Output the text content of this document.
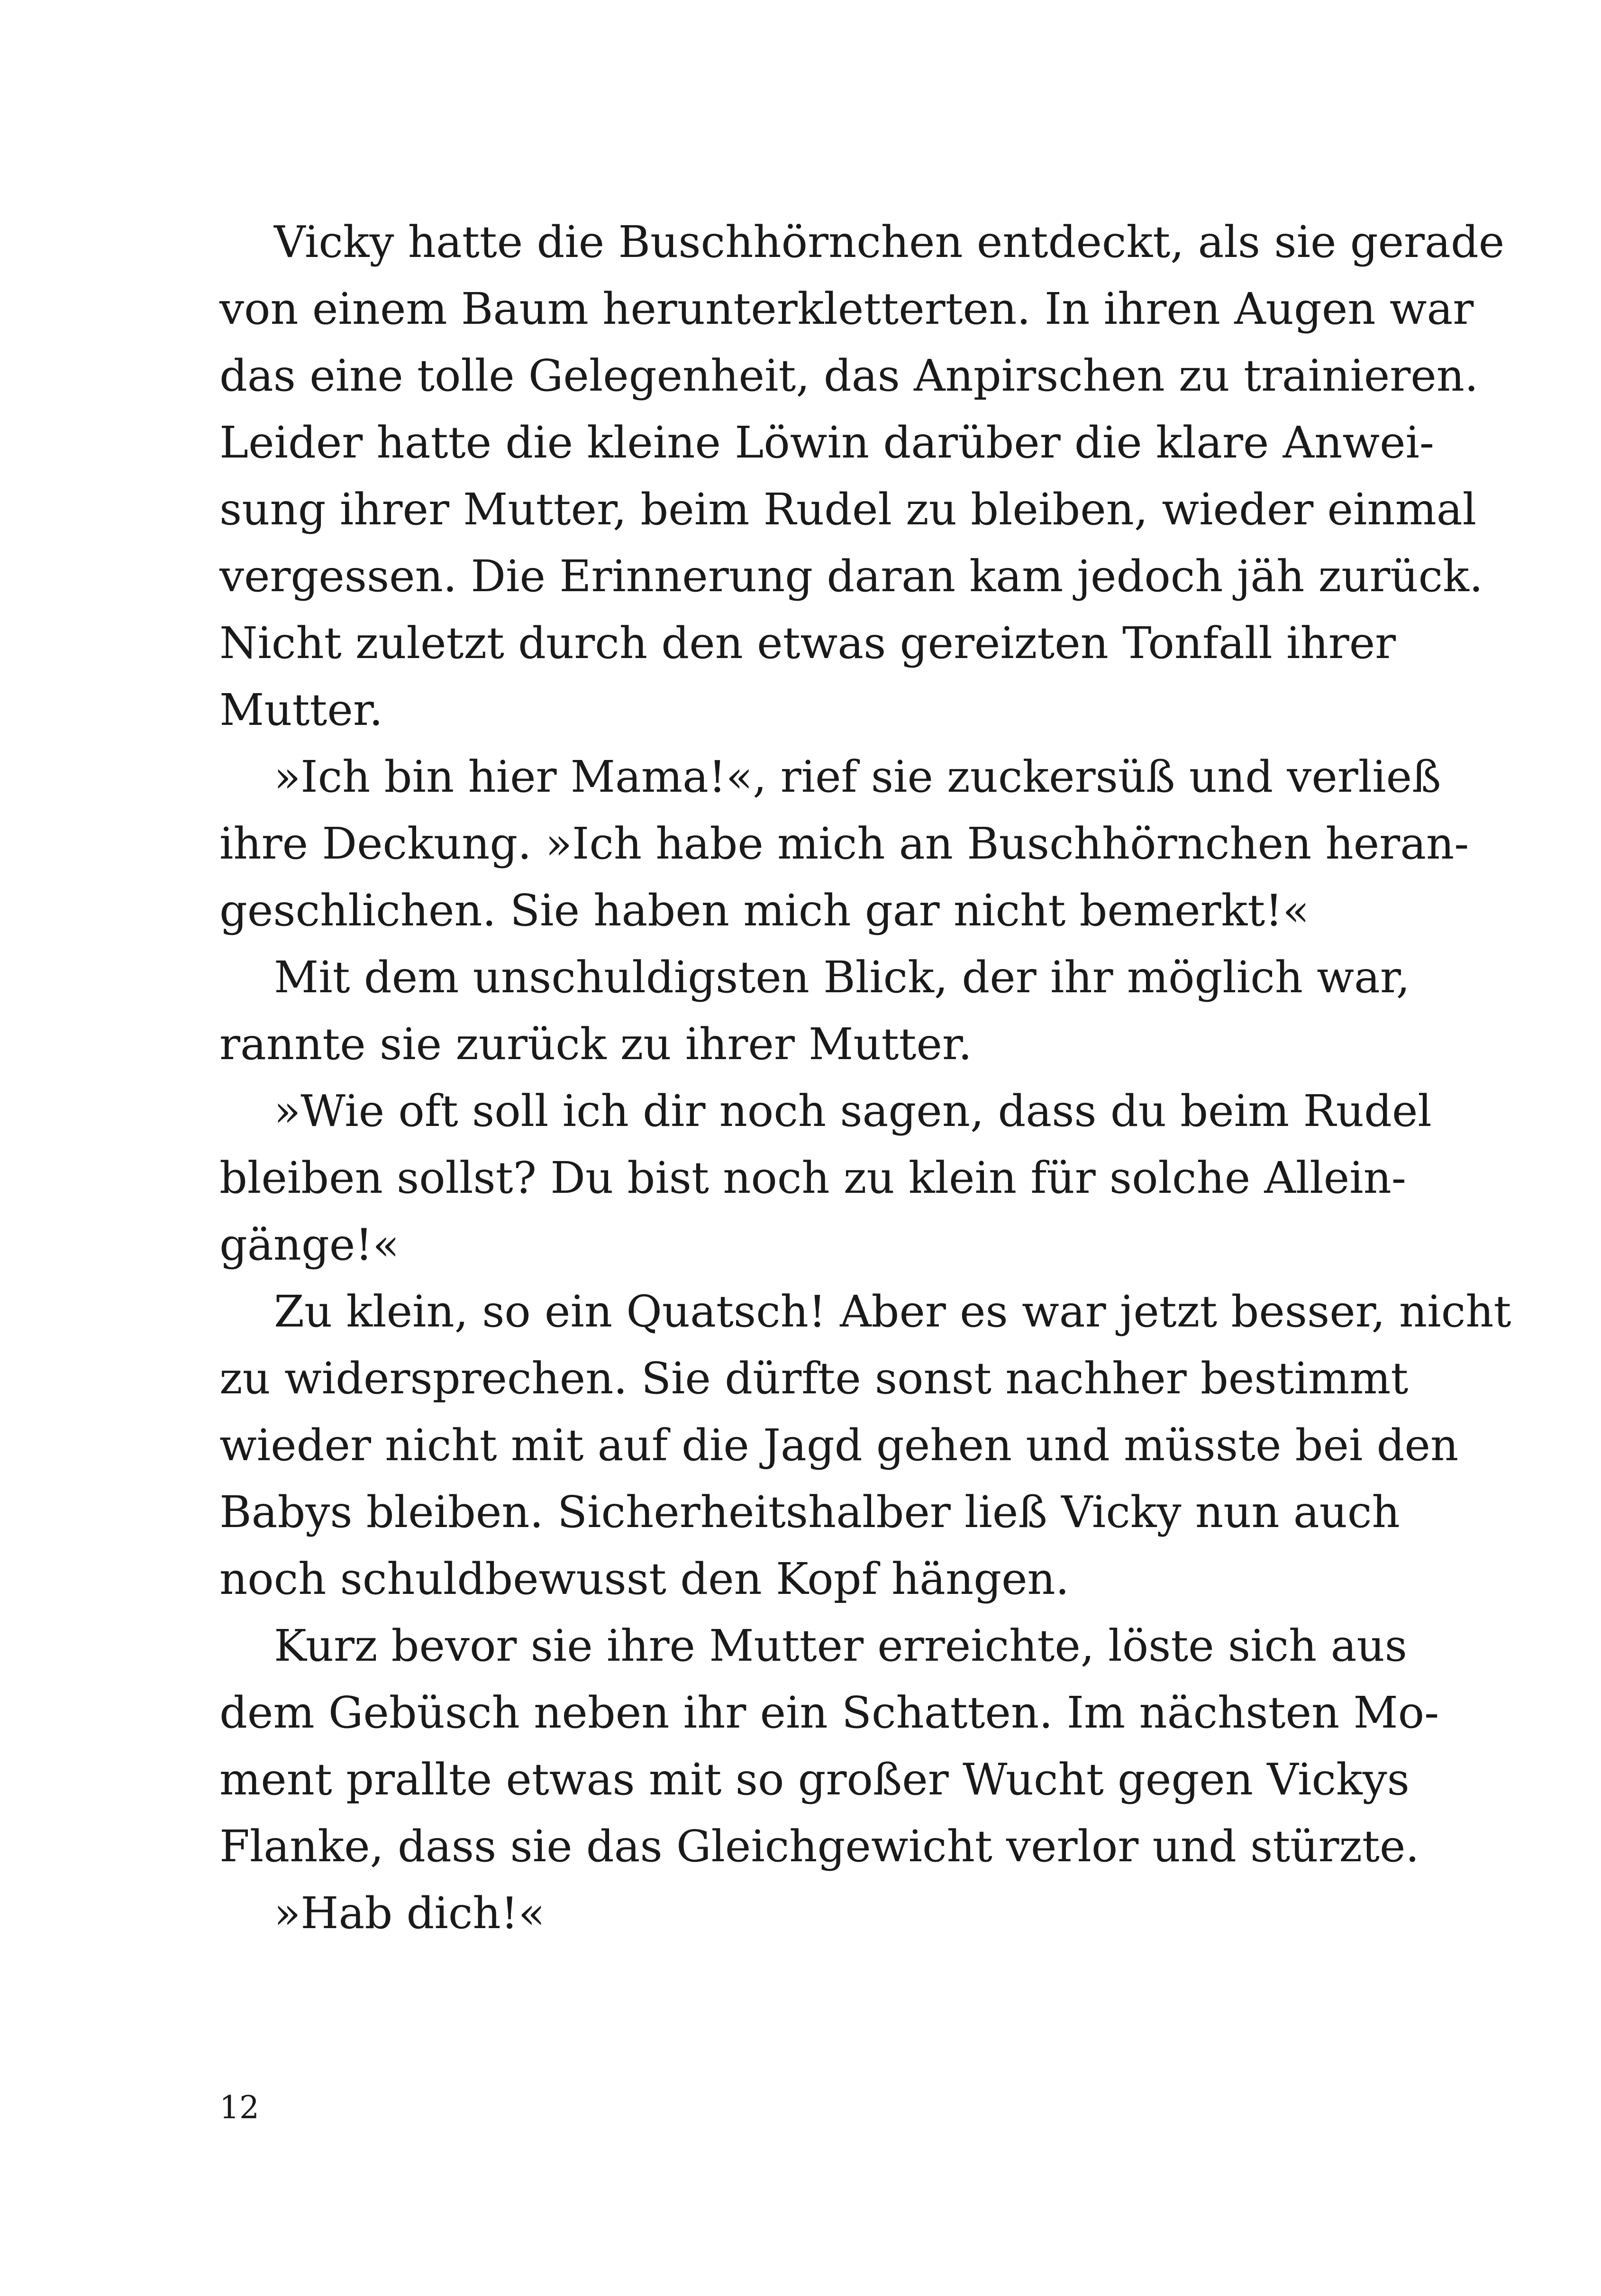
Vicky hatte die Buschhörnchen entdeckt, als sie gerade
von einem Baum herunterkletterten. In ihren Augen war
das eine tolle Gelegenheit, das Anpirschen zu trainieren.
Leider hatte die kleine Löwin darüber die klare Anwei-
sung ihrer Mutter, beim Rudel zu bleiben, wieder einmal
vergessen. Die Erinnerung daran kam jedoch jäh zurück.
Nicht zuletzt durch den etwas gereizten Tonfall ihrer
Mutter.
»Ich bin hier Mama!«, rief sie zuckersüß und verließ
ihre Deckung. »Ich habe mich an Buschhörnchen heran-
geschlichen. Sie haben mich gar nicht bemerkt!«
Mit dem unschuldigsten Blick, der ihr möglich war,
rannte sie zurück zu ihrer Mutter.
»Wie oft soll ich dir noch sagen, dass du beim Rudel
bleiben sollst? Du bist noch zu klein für solche Allein-
gänge!«
Zu klein, so ein Quatsch! Aber es war jetzt besser, nicht
zu widersprechen. Sie dürfte sonst nachher bestimmt
wieder nicht mit auf die Jagd gehen und müsste bei den
Babys bleiben. Sicherheitshalber ließ Vicky nun auch
noch schuldbewusst den Kopf hängen.
Kurz bevor sie ihre Mutter erreichte, löste sich aus
dem Gebüsch neben ihr ein Schatten. Im nächsten Mo-
ment prallte etwas mit so großer Wucht gegen Vickys
Flanke, dass sie das Gleichgewicht verlor und stürzte.
»Hab dich!«
12
